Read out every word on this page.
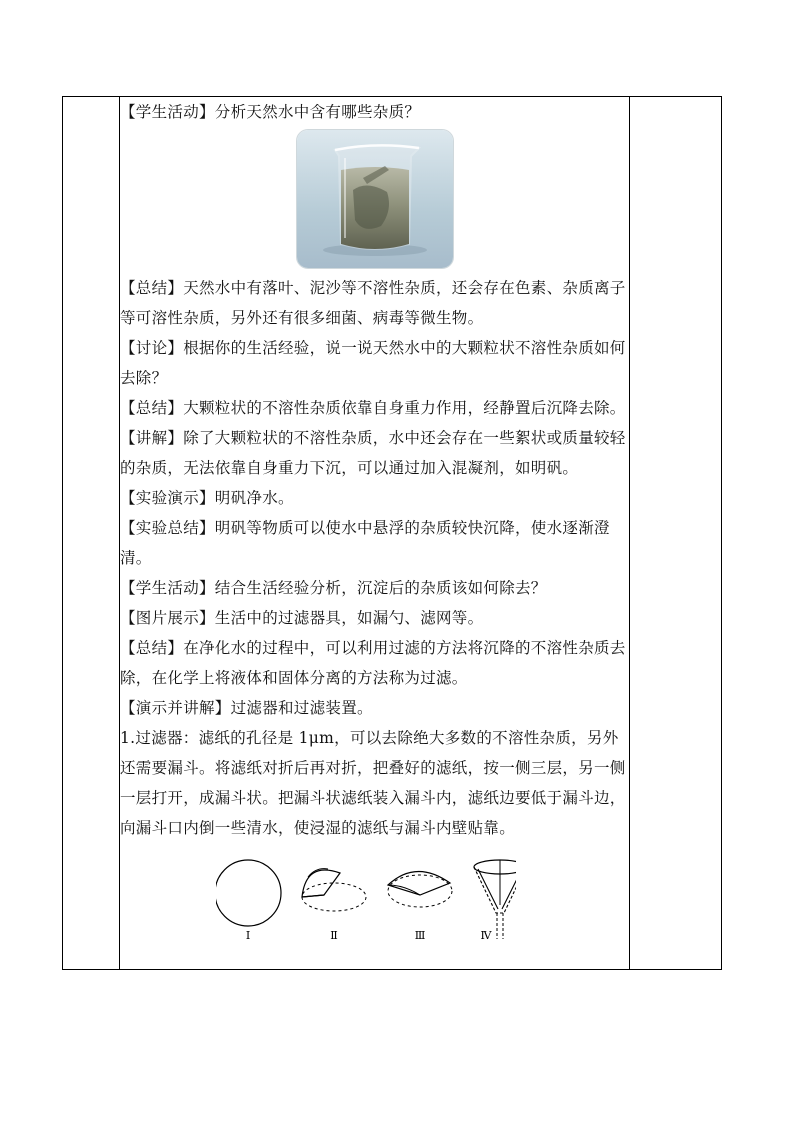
【学生活动】分析天然水中含有哪些杂质？

【总结】天然水中有落叶、泥沙等不溶性杂质，还会存在色素、杂质离子等可溶性杂质，另外还有很多细菌、病毒等微生物。

【讨论】根据你的生活经验，说一说天然水中的大颗粒状不溶性杂质如何去除？

【总结】大颗粒状的不溶性杂质依靠自身重力作用，经静置后沉降去除。

【讲解】除了大颗粒状的不溶性杂质，水中还会存在一些絮状或质量较轻的杂质，无法依靠自身重力下沉，可以通过加入混凝剂，如明矾。

【实验演示】明矾净水。

【实验总结】明矾等物质可以使水中悬浮的杂质较快沉降，使水逐渐澄清。

【学生活动】结合生活经验分析，沉淀后的杂质该如何除去？

【图片展示】生活中的过滤器具，如漏勺、滤网等。

【总结】在净化水的过程中，可以利用过滤的方法将沉降的不溶性杂质去除，在化学上将液体和固体分离的方法称为过滤。

【演示并讲解】过滤器和过滤装置。

1.过滤器：滤纸的孔径是 1μm，可以去除绝大多数的不溶性杂质，另外还需要漏斗。将滤纸对折后再对折，把叠好的滤纸，按一侧三层，另一侧一层打开，成漏斗状。把漏斗状滤纸装入漏斗内，滤纸边要低于漏斗边，向漏斗口内倒一些清水，使浸湿的滤纸与漏斗内壁贴靠。

Ⅰ	Ⅱ	Ⅲ	Ⅳ
